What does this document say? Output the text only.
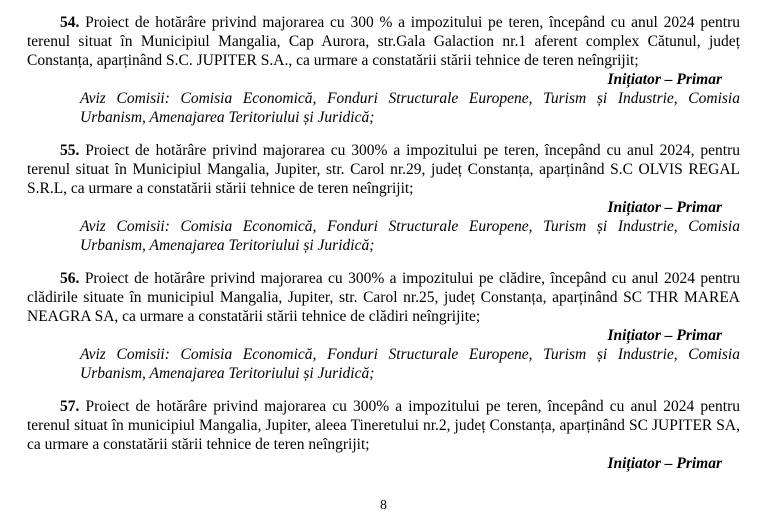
54. Proiect de hotărâre privind majorarea cu 300 % a impozitului pe teren, începând cu anul 2024 pentru terenul situat în Municipiul Mangalia, Cap Aurora, str.Gala Galaction nr.1 aferent complex Cătunul, județ Constanța, aparținând S.C. JUPITER S.A., ca urmare a constatării stării tehnice de teren neîngrijit;

Inițiator – Primar

Aviz Comisii: Comisia Economică, Fonduri Structurale Europene, Turism și Industrie, Comisia Urbanism, Amenajarea Teritoriului și Juridică;

55. Proiect de hotărâre privind majorarea cu 300% a impozitului pe teren, începând cu anul 2024, pentru terenul situat în Municipiul Mangalia, Jupiter, str. Carol nr.29, județ Constanța, aparținând S.C OLVIS REGAL S.R.L, ca urmare a constatării stării tehnice de teren neîngrijit;

Inițiator – Primar

Aviz Comisii: Comisia Economică, Fonduri Structurale Europene, Turism și Industrie, Comisia Urbanism, Amenajarea Teritoriului și Juridică;

56. Proiect de hotărâre privind majorarea cu 300% a impozitului pe clădire, începând cu anul 2024 pentru clădirile situate în municipiul Mangalia, Jupiter, str. Carol nr.25, județ Constanța, aparținând SC THR MAREA NEAGRA SA, ca urmare a constatării stării tehnice de clădiri neîngrijite;

Inițiator – Primar

Aviz Comisii: Comisia Economică, Fonduri Structurale Europene, Turism și Industrie, Comisia Urbanism, Amenajarea Teritoriului și Juridică;

57. Proiect de hotărâre privind majorarea cu 300% a impozitului pe teren, începând cu anul 2024 pentru terenul situat în municipiul Mangalia, Jupiter, aleea Tineretului nr.2, județ Constanța, aparținând SC JUPITER SA, ca urmare a constatării stării tehnice de teren neîngrijit;

Inițiator – Primar

8
